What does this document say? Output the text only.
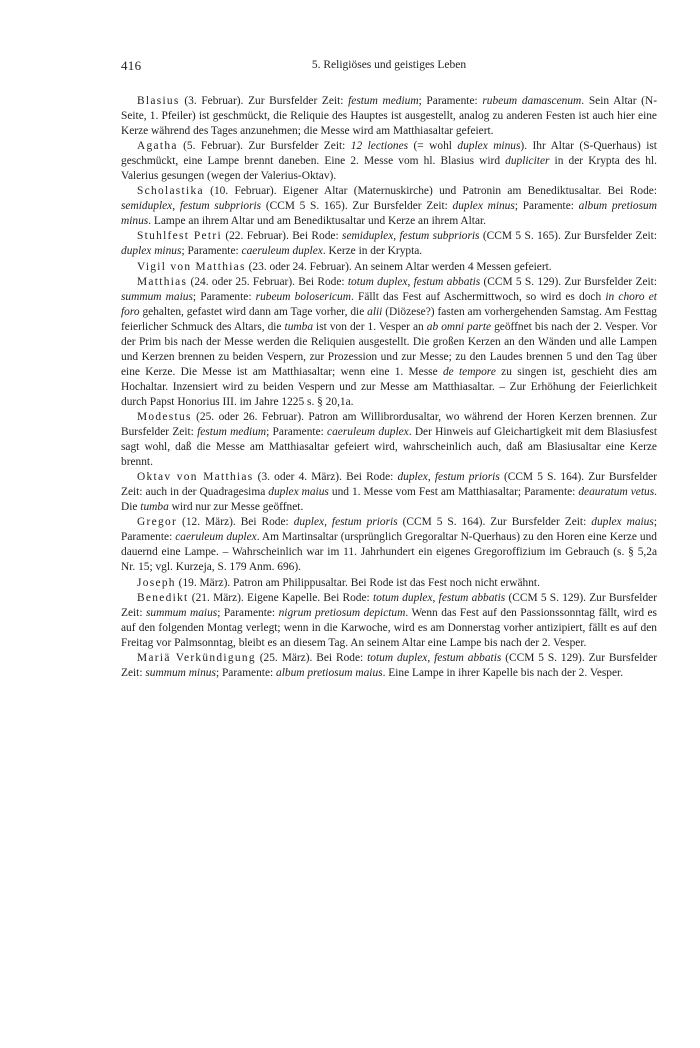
416	5. Religiöses und geistiges Leben

Blasius (3. Februar). Zur Bursfelder Zeit: festum medium; Paramente: rubeum damascenum. Sein Altar (N-Seite, 1. Pfeiler) ist geschmückt, die Reliquie des Hauptes ist ausgestellt, analog zu anderen Festen ist auch hier eine Kerze während des Tages anzunehmen; die Messe wird am Matthiasaltar gefeiert.

Agatha (5. Februar). Zur Bursfelder Zeit: 12 lectiones (= wohl duplex minus). Ihr Altar (S-Querhaus) ist geschmückt, eine Lampe brennt daneben. Eine 2. Messe vom hl. Blasius wird dupliciter in der Krypta des hl. Valerius gesungen (wegen der Valerius-Oktav).

Scholastika (10. Februar). Eigener Altar (Maternuskirche) und Patronin am Benediktusaltar. Bei Rode: semiduplex, festum subprioris (CCM 5 S. 165). Zur Bursfelder Zeit: duplex minus; Paramente: album pretiosum minus. Lampe an ihrem Altar und am Benediktusaltar und Kerze an ihrem Altar.

Stuhlfest Petri (22. Februar). Bei Rode: semiduplex, festum subprioris (CCM 5 S. 165). Zur Bursfelder Zeit: duplex minus; Paramente: caeruleum duplex. Kerze in der Krypta.

Vigil von Matthias (23. oder 24. Februar). An seinem Altar werden 4 Messen gefeiert.

Matthias (24. oder 25. Februar). Bei Rode: totum duplex, festum abbatis (CCM 5 S. 129). Zur Bursfelder Zeit: summum maius; Paramente: rubeum bolosericum. Fällt das Fest auf Aschermittwoch, so wird es doch in choro et foro gehalten, gefastet wird dann am Tage vorher, die alii (Diözese?) fasten am vorhergehenden Samstag. Am Festtag feierlicher Schmuck des Altars, die tumba ist von der 1. Vesper an ab omni parte geöffnet bis nach der 2. Vesper. Vor der Prim bis nach der Messe werden die Reliquien ausgestellt. Die großen Kerzen an den Wänden und alle Lampen und Kerzen brennen zu beiden Vespern, zur Prozession und zur Messe; zu den Laudes brennen 5 und den Tag über eine Kerze. Die Messe ist am Matthiasaltar; wenn eine 1. Messe de tempore zu singen ist, geschieht dies am Hochaltar. Inzensiert wird zu beiden Vespern und zur Messe am Matthiasaltar. – Zur Erhöhung der Feierlichkeit durch Papst Honorius III. im Jahre 1225 s. § 20,1a.

Modestus (25. oder 26. Februar). Patron am Willibrordusaltar, wo während der Horen Kerzen brennen. Zur Bursfelder Zeit: festum medium; Paramente: caeruleum duplex. Der Hinweis auf Gleichartigkeit mit dem Blasiusfest sagt wohl, daß die Messe am Matthiasaltar gefeiert wird, wahrscheinlich auch, daß am Blasiusaltar eine Kerze brennt.

Oktav von Matthias (3. oder 4. März). Bei Rode: duplex, festum prioris (CCM 5 S. 164). Zur Bursfelder Zeit: auch in der Quadragesima duplex maius und 1. Messe vom Fest am Matthiasaltar; Paramente: deauratum vetus. Die tumba wird nur zur Messe geöffnet.

Gregor (12. März). Bei Rode: duplex, festum prioris (CCM 5 S. 164). Zur Bursfelder Zeit: duplex maius; Paramente: caeruleum duplex. Am Martinsaltar (ursprünglich Gregoraltar N-Querhaus) zu den Horen eine Kerze und dauernd eine Lampe. – Wahrscheinlich war im 11. Jahrhundert ein eigenes Gregoroffizium im Gebrauch (s. § 5,2a Nr. 15; vgl. Kurzeja, S. 179 Anm. 696).

Joseph (19. März). Patron am Philippusaltar. Bei Rode ist das Fest noch nicht erwähnt.

Benedikt (21. März). Eigene Kapelle. Bei Rode: totum duplex, festum abbatis (CCM 5 S. 129). Zur Bursfelder Zeit: summum maius; Paramente: nigrum pretiosum depictum. Wenn das Fest auf den Passionssonntag fällt, wird es auf den folgenden Montag verlegt; wenn in die Karwoche, wird es am Donnerstag vorher antizipiert, fällt es auf den Freitag vor Palmsonntag, bleibt es an diesem Tag. An seinem Altar eine Lampe bis nach der 2. Vesper.

Mariä Verkündigung (25. März). Bei Rode: totum duplex, festum abbatis (CCM 5 S. 129). Zur Bursfelder Zeit: summum minus; Paramente: album pretiosum maius. Eine Lampe in ihrer Kapelle bis nach der 2. Vesper.
